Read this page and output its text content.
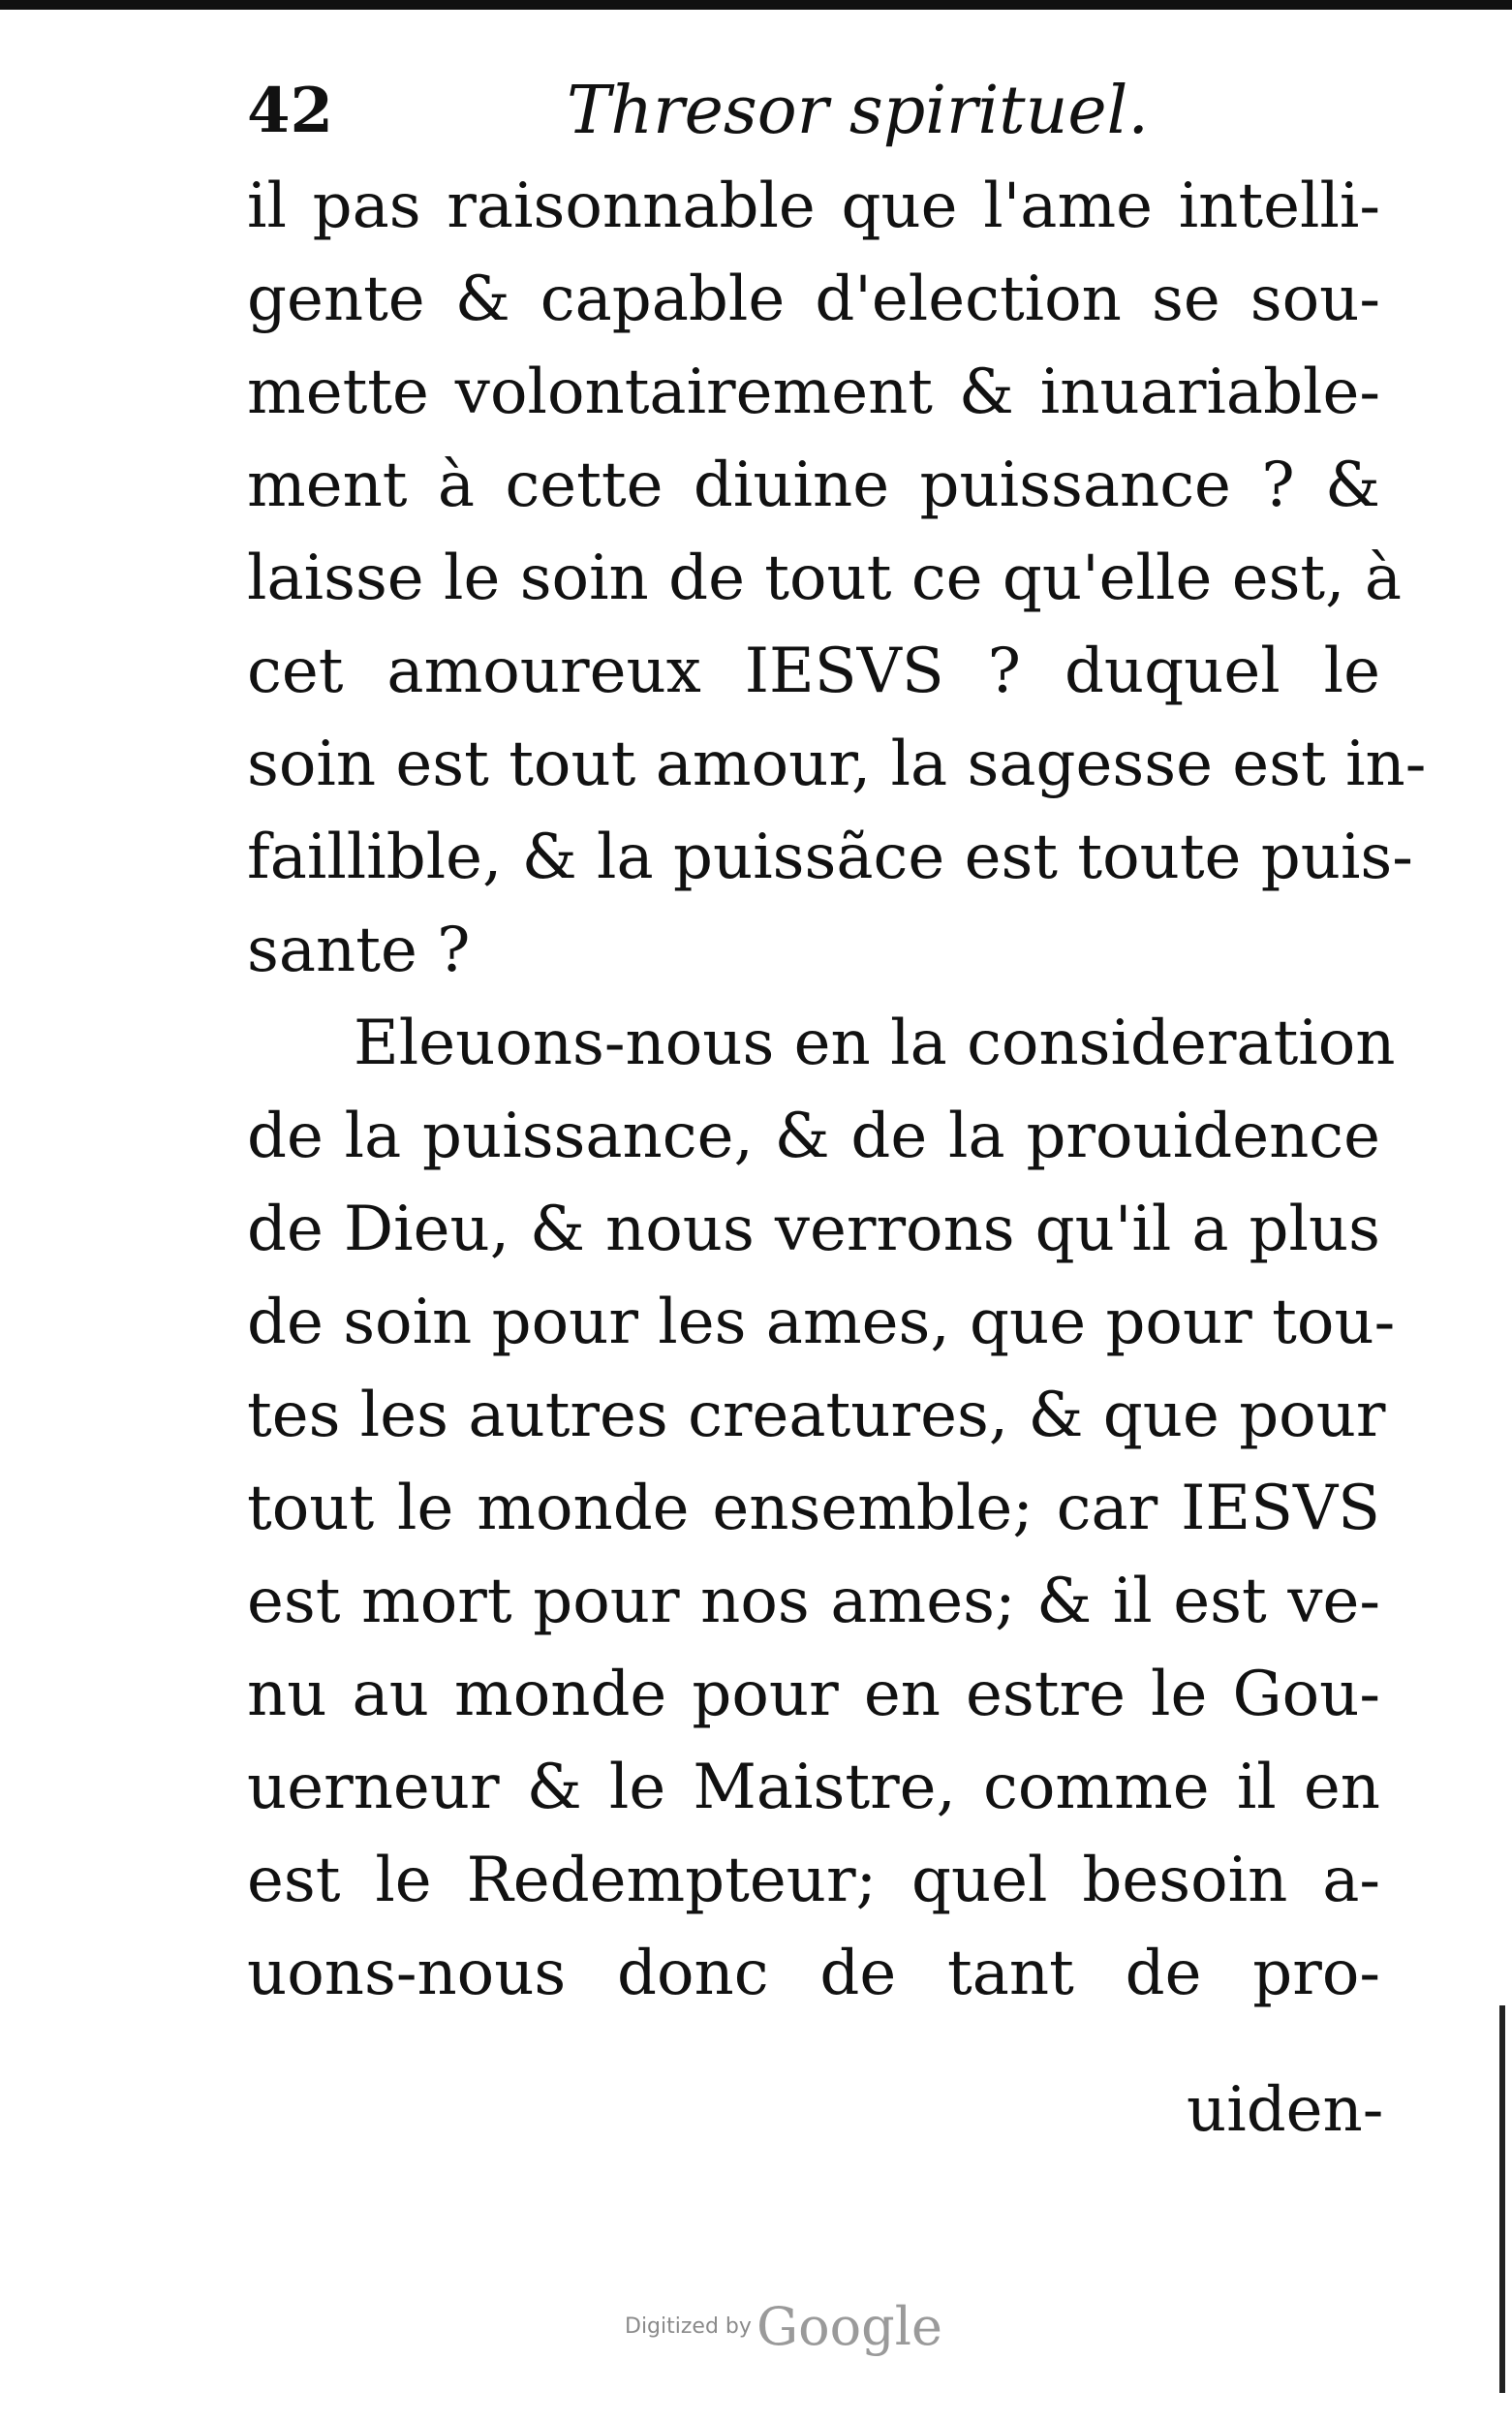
42	Thresor spirituel.
il pas raisonnable que l'ame intelli-
gente & capable d'election se sou-
mette volontairement & inuariable-
ment à cette diuine puissance ? &
laisse le soin de tout ce qu'elle est, à
cet amoureux IESVS ? duquel le
soin est tout amour, la sagesse est in-
faillible, & la puissãce est toute puis-
sante ?
Eleuons-nous en la consideration
de la puissance, & de la prouidence
de Dieu, & nous verrons qu'il a plus
de soin pour les ames, que pour tou-
tes les autres creatures, & que pour
tout le monde ensemble; car IESVS
est mort pour nos ames; & il est ve-
nu au monde pour en estre le Gou-
uerneur & le Maistre, comme il en
est le Redempteur; quel besoin a-
uons-nous donc de tant de pro-
uiden-
Digitized by Google
